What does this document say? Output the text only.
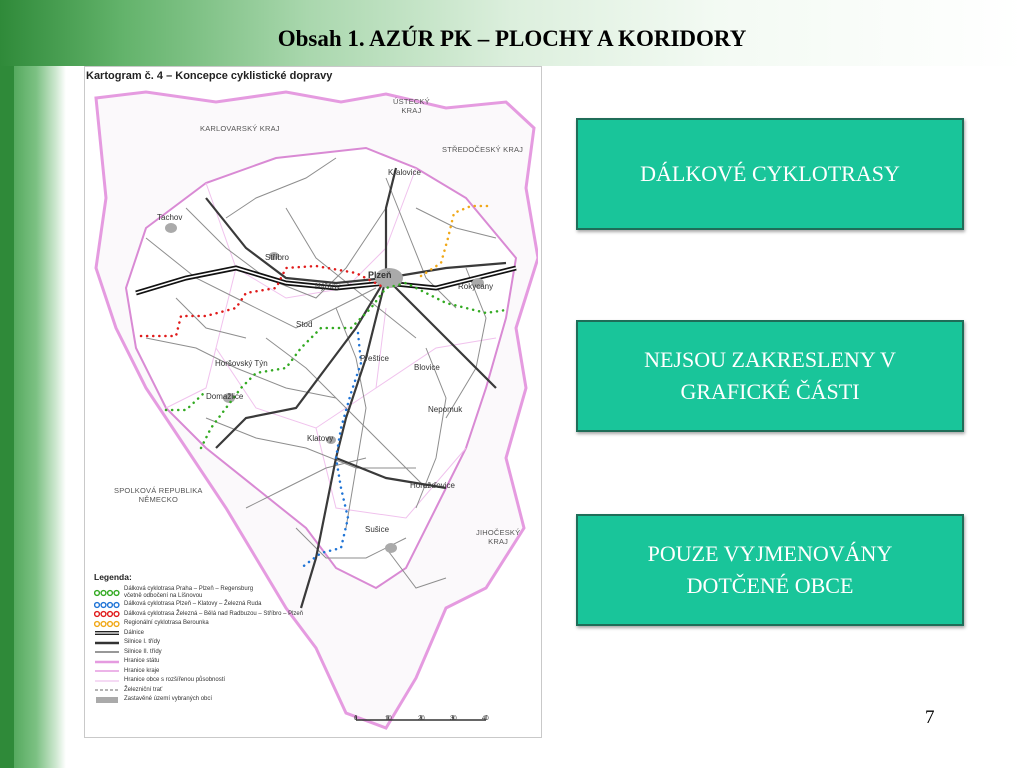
Obsah 1. AZÚR PK – PLOCHY A KORIDORY
Kartogram č. 4 – Koncepce cyklistické dopravy
ÚSTECKÝ
KRAJ
KARLOVARSKÝ KRAJ
STŘEDOČESKÝ KRAJ
SPOLKOVÁ REPUBLIKA
NĚMECKO
JIHOČESKÝ
KRAJ
Kralovice
Tachov
Stříbro
Plzeň
Nýřany	Rokycany
Stod
Přeštice
Horšovský Týn	Blovice
Domažlice
Nepomuk
Klatovy
Horažďovice
Sušice
0	10	20	30	40
Legenda:
Dálková cyklotrasa Praha – Plzeň – Regensburg
včetně odbočení na Líšnovou
Dálková cyklotrasa Plzeň – Klatovy – Železná Ruda
Dálková cyklotrasa Železná – Bělá nad Radbuzou – Stříbro – Plzeň
Regionální cyklotrasa Berounka
Dálnice
Silnice I. třídy
Silnice II. třídy
Hranice státu
Hranice kraje
Hranice obce s rozšířenou působností
Železniční trať
Zastavěné území vybraných obcí
DÁLKOVÉ CYKLOTRASY
NEJSOU ZAKRESLENY V GRAFICKÉ ČÁSTI
POUZE VYJMENOVÁNY DOTČENÉ OBCE
7
